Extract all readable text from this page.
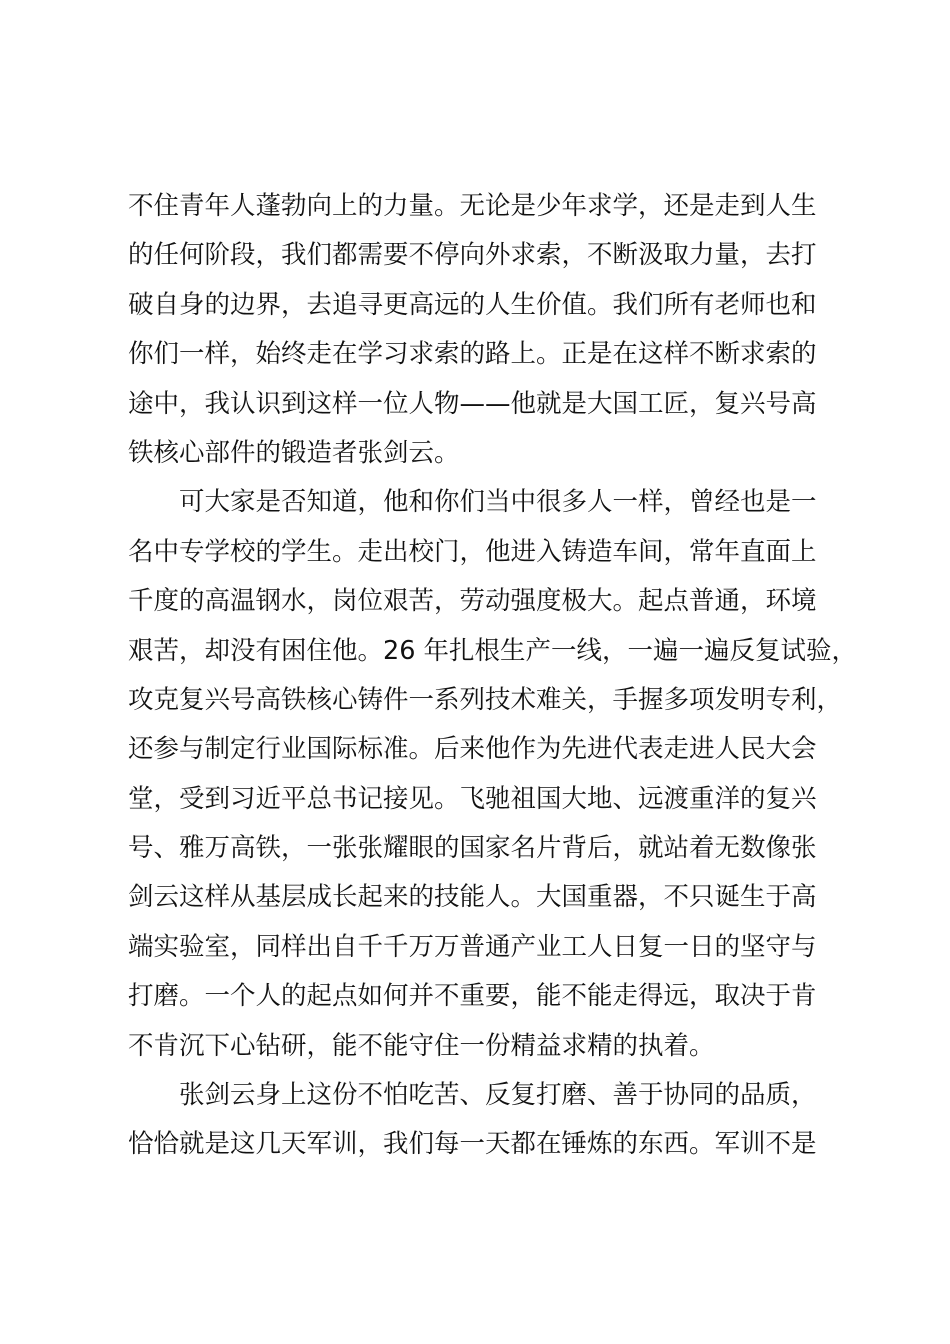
不住青年人蓬勃向上的力量。无论是少年求学，还是走到人生
的任何阶段，我们都需要不停向外求索，不断汲取力量，去打
破自身的边界，去追寻更高远的人生价值。我们所有老师也和
你们一样，始终走在学习求索的路上。正是在这样不断求索的
途中，我认识到这样一位人物——他就是大国工匠，复兴号高
铁核心部件的锻造者张剑云。
可大家是否知道，他和你们当中很多人一样，曾经也是一
名中专学校的学生。走出校门，他进入铸造车间，常年直面上
千度的高温钢水，岗位艰苦，劳动强度极大。起点普通，环境
艰苦，却没有困住他。26 年扎根生产一线，一遍一遍反复试验，
攻克复兴号高铁核心铸件一系列技术难关，手握多项发明专利，
还参与制定行业国际标准。后来他作为先进代表走进人民大会
堂，受到习近平总书记接见。飞驰祖国大地、远渡重洋的复兴
号、雅万高铁，一张张耀眼的国家名片背后，就站着无数像张
剑云这样从基层成长起来的技能人。大国重器，不只诞生于高
端实验室，同样出自千千万万普通产业工人日复一日的坚守与
打磨。一个人的起点如何并不重要，能不能走得远，取决于肯
不肯沉下心钻研，能不能守住一份精益求精的执着。
张剑云身上这份不怕吃苦、反复打磨、善于协同的品质，
恰恰就是这几天军训，我们每一天都在锤炼的东西。军训不是
